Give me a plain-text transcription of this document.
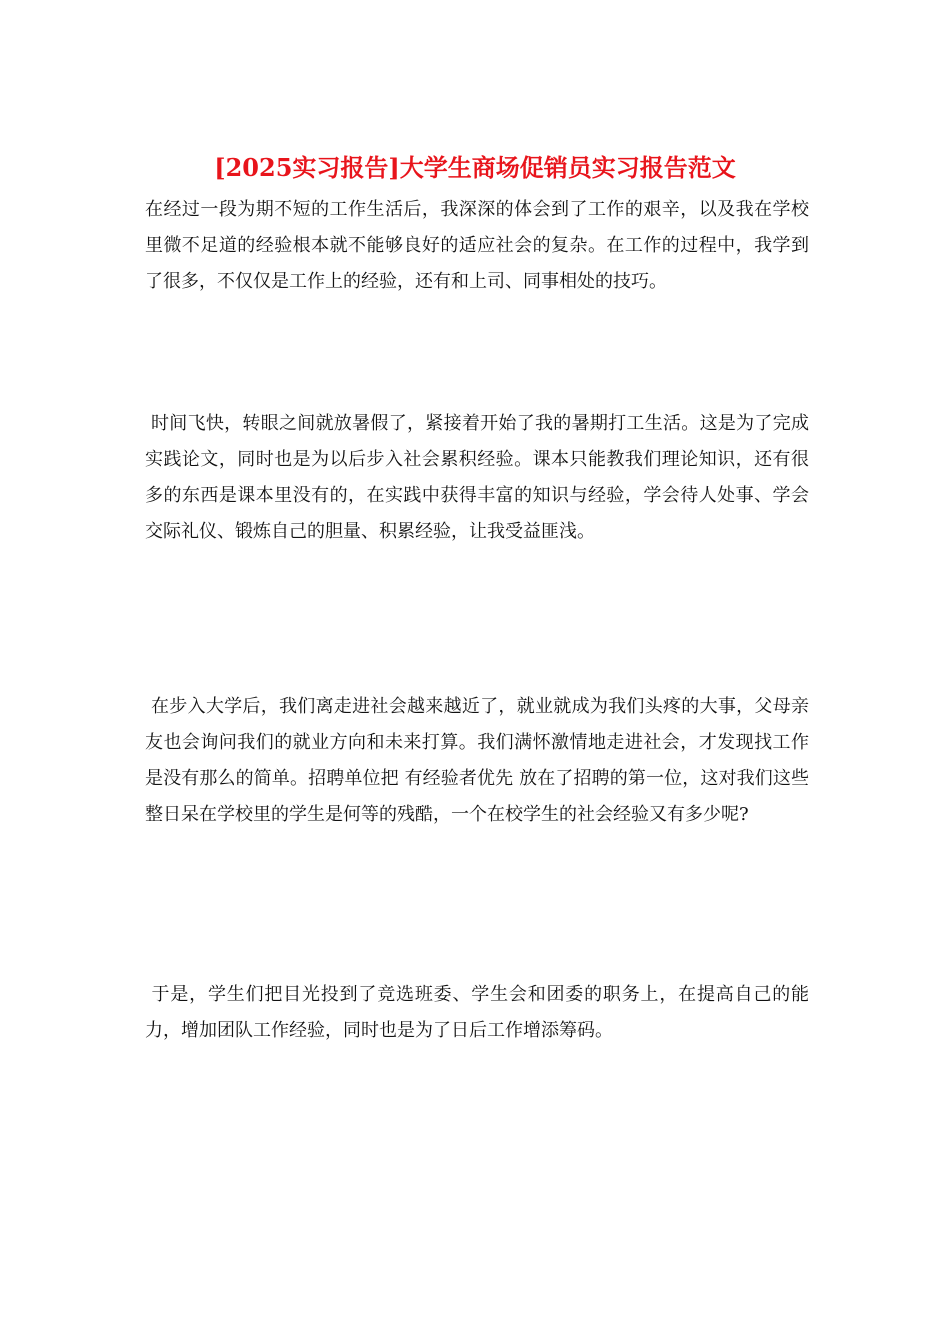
[2025实习报告]大学生商场促销员实习报告范文

在经过一段为期不短的工作生活后，我深深的体会到了工作的艰辛，以及我在学校里微不足道的经验根本就不能够良好的适应社会的复杂。在工作的过程中，我学到了很多，不仅仅是工作上的经验，还有和上司、同事相处的技巧。

时间飞快，转眼之间就放暑假了，紧接着开始了我的暑期打工生活。这是为了完成实践论文，同时也是为以后步入社会累积经验。课本只能教我们理论知识，还有很多的东西是课本里没有的，在实践中获得丰富的知识与经验，学会待人处事、学会交际礼仪、锻炼自己的胆量、积累经验，让我受益匪浅。

在步入大学后，我们离走进社会越来越近了，就业就成为我们头疼的大事，父母亲友也会询问我们的就业方向和未来打算。我们满怀激情地走进社会，才发现找工作是没有那么的简单。招聘单位把 有经验者优先 放在了招聘的第一位，这对我们这些整日呆在学校里的学生是何等的残酷，一个在校学生的社会经验又有多少呢?

于是，学生们把目光投到了竞选班委、学生会和团委的职务上，在提高自己的能力，增加团队工作经验，同时也是为了日后工作增添筹码。
